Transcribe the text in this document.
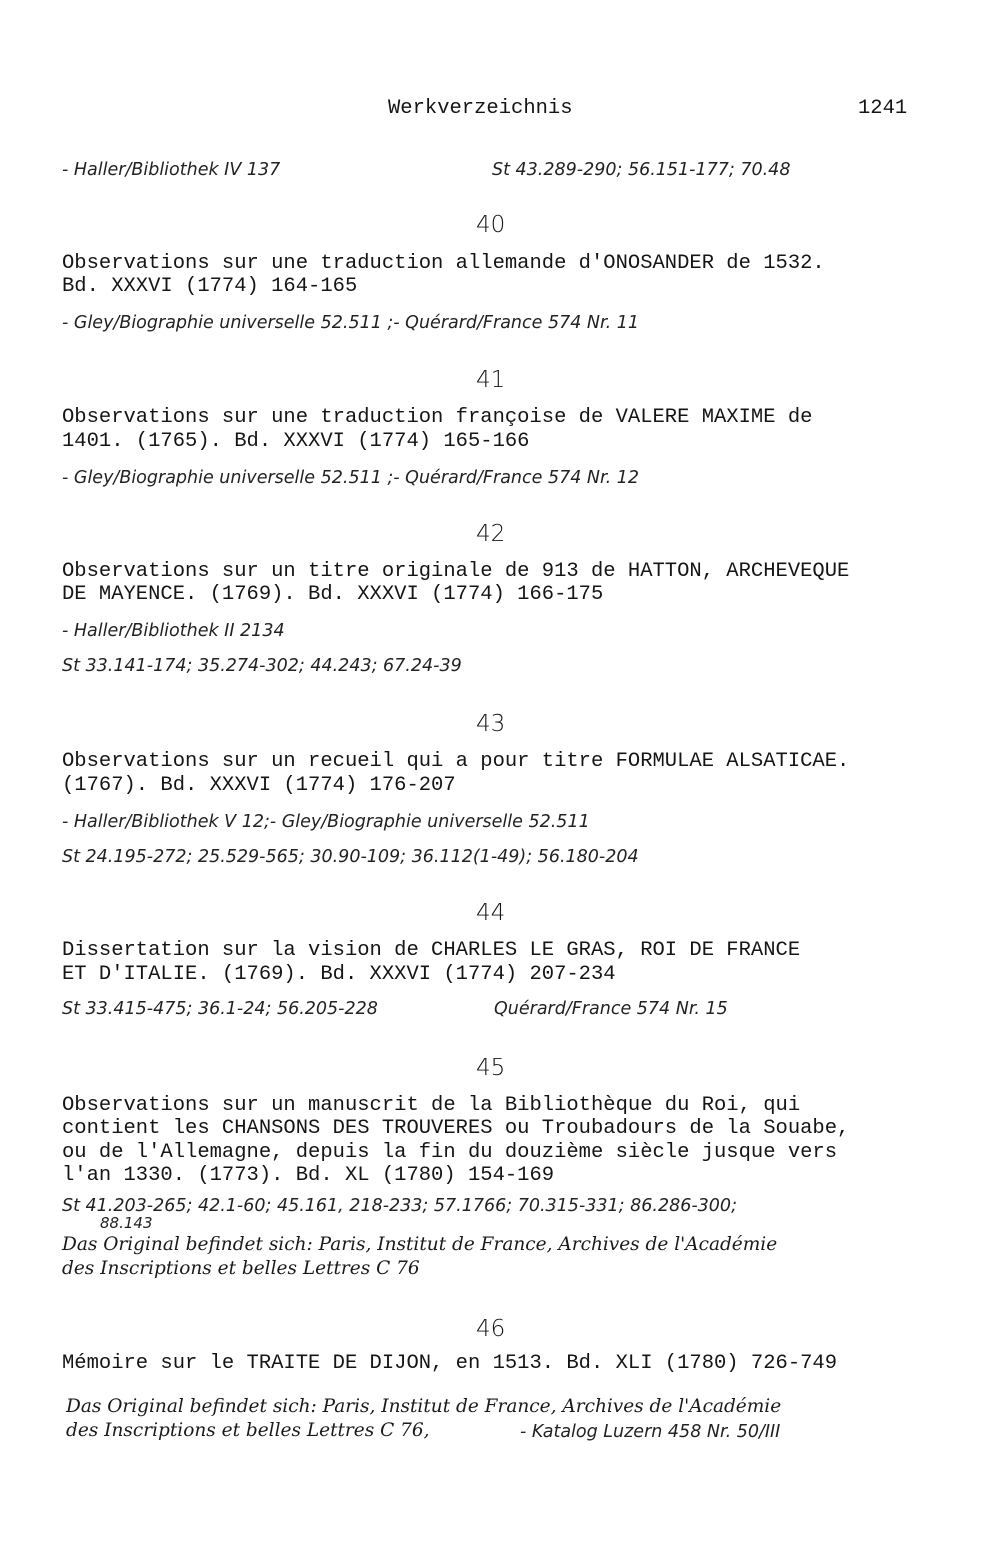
Werkverzeichnis	1241
- Haller/Bibliothek IV 137	St 43.289-290; 56.151-177; 70.48
40
Observations sur une traduction allemande d'ONOSANDER de 1532.
Bd. XXXVI (1774) 164-165
- Gley/Biographie universelle 52.511 ;- Quérard/France 574 Nr. 11
41
Observations sur une traduction françoise de VALERE MAXIME de
1401. (1765). Bd. XXXVI (1774) 165-166
- Gley/Biographie universelle 52.511 ;- Quérard/France 574 Nr. 12
42
Observations sur un titre originale de 913 de HATTON, ARCHEVEQUE
DE MAYENCE. (1769). Bd. XXXVI (1774) 166-175
- Haller/Bibliothek II 2134
St 33.141-174; 35.274-302; 44.243; 67.24-39
43
Observations sur un recueil qui a pour titre FORMULAE ALSATICAE.
(1767). Bd. XXXVI (1774) 176-207
- Haller/Bibliothek V 12;- Gley/Biographie universelle 52.511
St 24.195-272; 25.529-565; 30.90-109; 36.112(1-49); 56.180-204
44
Dissertation sur la vision de CHARLES LE GRAS, ROI DE FRANCE
ET D'ITALIE. (1769). Bd. XXXVI (1774) 207-234
St 33.415-475; 36.1-24; 56.205-228	Quérard/France 574 Nr. 15
45
Observations sur un manuscrit de la Bibliothèque du Roi, qui
contient les CHANSONS DES TROUVERES ou Troubadours de la Souabe,
ou de l'Allemagne, depuis la fin du douzième siècle jusque vers
l'an 1330. (1773). Bd. XL (1780) 154-169
St 41.203-265; 42.1-60; 45.161, 218-233; 57.1766; 70.315-331; 86.286-300;
88.143
Das Original befindet sich: Paris, Institut de France, Archives de l'Académie
des Inscriptions et belles Lettres C 76
46
Mémoire sur le TRAITE DE DIJON, en 1513. Bd. XLI (1780) 726-749
Das Original befindet sich: Paris, Institut de France, Archives de l'Académie
des Inscriptions et belles Lettres C 76,	- Katalog Luzern 458 Nr. 50/III
